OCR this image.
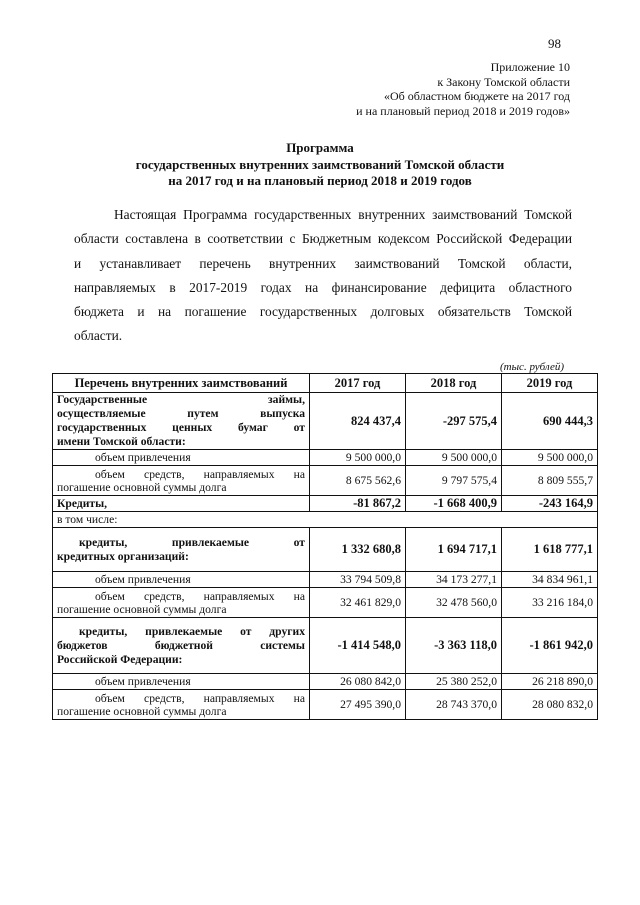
98
Приложение 10
к Закону Томской области
«Об областном бюджете на 2017 год
и на плановый период 2018 и 2019 годов»
Программа
государственных внутренних заимствований Томской области
на 2017 год и на плановый период 2018 и 2019 годов
Настоящая Программа государственных внутренних заимствований Томской
области составлена в соответствии с Бюджетным кодексом Российской Федерации
и устанавливает перечень внутренних заимствований Томской области,
направляемых в 2017-2019 годах на финансирование дефицита областного
бюджета и на погашение государственных долговых обязательств Томской
области.
(тыс. рублей)
Перечень внутренних заимствований	2017 год	2018 год	2019 год

Государственные займы,
осуществляемые путем выпуска
государственных ценных бумаг от
имени Томской области:	824 437,4	-297 575,4	690 444,3

объем привлечения	9 500 000,0	9 500 000,0	9 500 000,0

объем средств, направляемых на
погашение основной суммы долга	8 675 562,6	9 797 575,4	8 809 555,7

Кредиты,	-81 867,2	-1 668 400,9	-243 164,9

в том числе:			

кредиты, привлекаемые от
кредитных организаций:	1 332 680,8	1 694 717,1	1 618 777,1

объем привлечения	33 794 509,8	34 173 277,1	34 834 961,1

объем средств, направляемых на
погашение основной суммы долга	32 461 829,0	32 478 560,0	33 216 184,0

кредиты, привлекаемые от других
бюджетов бюджетной системы
Российской Федерации:	-1 414 548,0	-3 363 118,0	-1 861 942,0

объем привлечения	26 080 842,0	25 380 252,0	26 218 890,0

объем средств, направляемых на
погашение основной суммы долга	27 495 390,0	28 743 370,0	28 080 832,0
